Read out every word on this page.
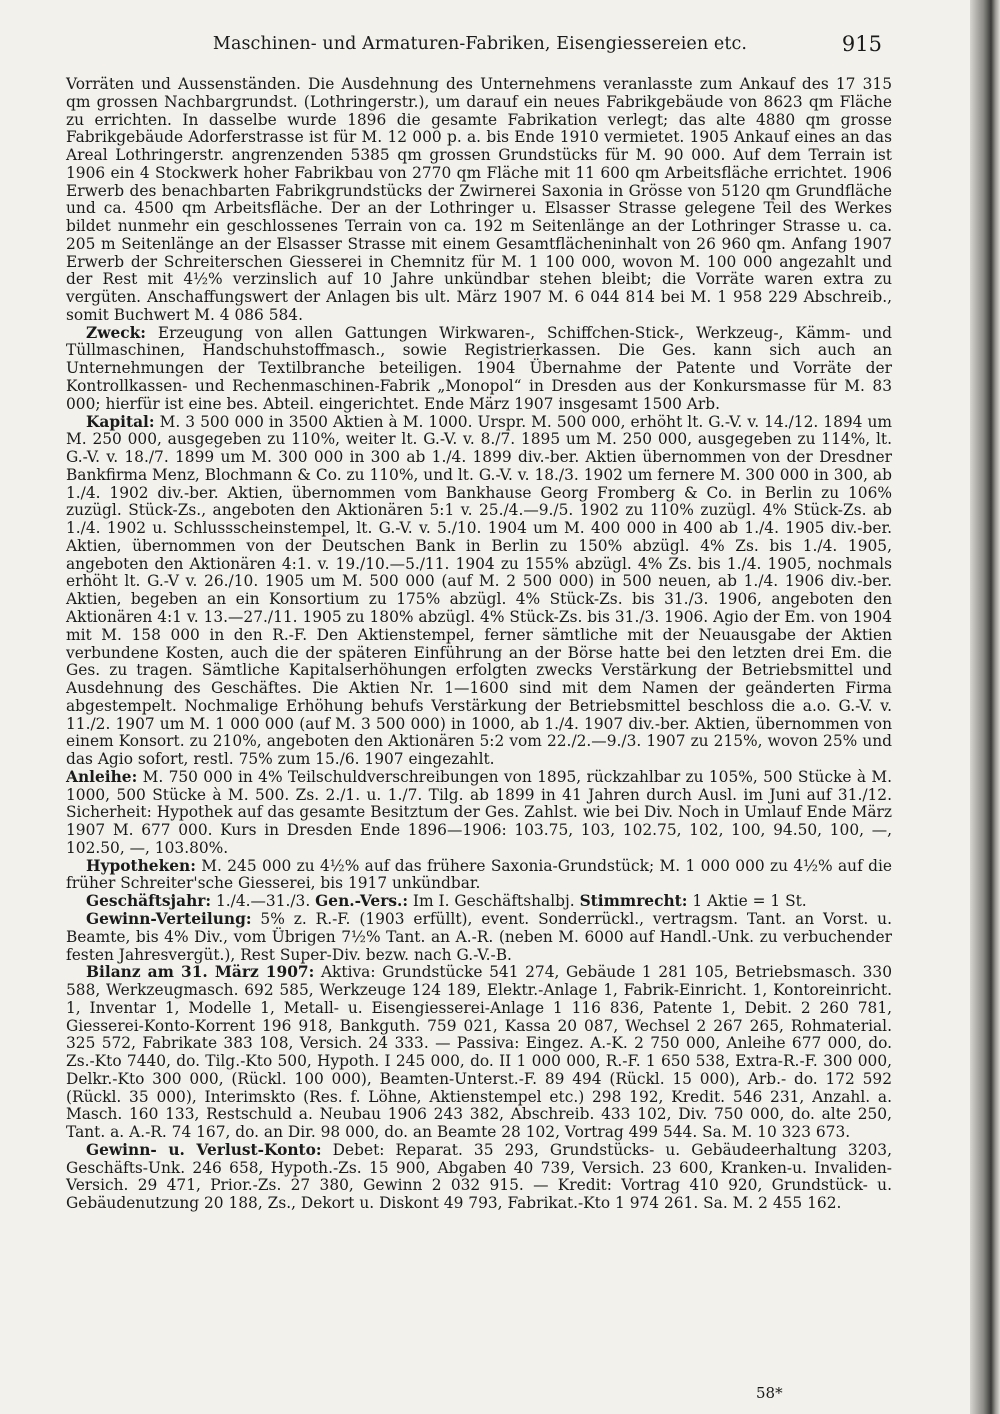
Maschinen- und Armaturen-Fabriken, Eisengiessereien etc.	915

Vorräten und Aussenständen. Die Ausdehnung des Unternehmens veranlasste zum Ankauf des 17 315 qm grossen Nachbargrundst. (Lothringerstr.), um darauf ein neues Fabrikgebäude von 8623 qm Fläche zu errichten. In dasselbe wurde 1896 die gesamte Fabrikation verlegt; das alte 4880 qm grosse Fabrikgebäude Adorferstrasse ist für M. 12 000 p. a. bis Ende 1910 vermietet. 1905 Ankauf eines an das Areal Lothringerstr. angrenzenden 5385 qm grossen Grundstücks für M. 90 000. Auf dem Terrain ist 1906 ein 4 Stockwerk hoher Fabrikbau von 2770 qm Fläche mit 11 600 qm Arbeitsfläche errichtet. 1906 Erwerb des benachbarten Fabrikgrundstücks der Zwirnerei Saxonia in Grösse von 5120 qm Grundfläche und ca. 4500 qm Arbeitsfläche. Der an der Lothringer u. Elsasser Strasse gelegene Teil des Werkes bildet nunmehr ein geschlossenes Terrain von ca. 192 m Seitenlänge an der Lothringer Strasse u. ca. 205 m Seitenlänge an der Elsasser Strasse mit einem Gesamtflächeninhalt von 26 960 qm. Anfang 1907 Erwerb der Schreiterschen Giesserei in Chemnitz für M. 1 100 000, wovon M. 100 000 angezahlt und der Rest mit 4½% verzinslich auf 10 Jahre unkündbar stehen bleibt; die Vorräte waren extra zu vergüten. Anschaffungswert der Anlagen bis ult. März 1907 M. 6 044 814 bei M. 1 958 229 Abschreib., somit Buchwert M. 4 086 584.

Zweck: Erzeugung von allen Gattungen Wirkwaren-, Schiffchen-Stick-, Werkzeug-, Kämm- und Tüllmaschinen, Handschuhstoffmasch., sowie Registrierkassen. Die Ges. kann sich auch an Unternehmungen der Textilbranche beteiligen. 1904 Übernahme der Patente und Vorräte der Kontrollkassen- und Rechenmaschinen-Fabrik „Monopol“ in Dresden aus der Konkursmasse für M. 83 000; hierfür ist eine bes. Abteil. eingerichtet. Ende März 1907 insgesamt 1500 Arb.

Kapital: M. 3 500 000 in 3500 Aktien à M. 1000. Urspr. M. 500 000, erhöht lt. G.-V. v. 14./12. 1894 um M. 250 000, ausgegeben zu 110%, weiter lt. G.-V. v. 8./7. 1895 um M. 250 000, ausgegeben zu 114%, lt. G.-V. v. 18./7. 1899 um M. 300 000 in 300 ab 1./4. 1899 div.-ber. Aktien übernommen von der Dresdner Bankfirma Menz, Blochmann & Co. zu 110%, und lt. G.-V. v. 18./3. 1902 um fernere M. 300 000 in 300, ab 1./4. 1902 div.-ber. Aktien, übernommen vom Bankhause Georg Fromberg & Co. in Berlin zu 106% zuzügl. Stück-Zs., angeboten den Aktionären 5:1 v. 25./4.—9./5. 1902 zu 110% zuzügl. 4% Stück-Zs. ab 1./4. 1902 u. Schlussscheinstempel, lt. G.-V. v. 5./10. 1904 um M. 400 000 in 400 ab 1./4. 1905 div.-ber. Aktien, übernommen von der Deutschen Bank in Berlin zu 150% abzügl. 4% Zs. bis 1./4. 1905, angeboten den Aktionären 4:1. v. 19./10.—5./11. 1904 zu 155% abzügl. 4% Zs. bis 1./4. 1905, nochmals erhöht lt. G.-V v. 26./10. 1905 um M. 500 000 (auf M. 2 500 000) in 500 neuen, ab 1./4. 1906 div.-ber. Aktien, begeben an ein Konsortium zu 175% abzügl. 4% Stück-Zs. bis 31./3. 1906, angeboten den Aktionären 4:1 v. 13.—27./11. 1905 zu 180% abzügl. 4% Stück-Zs. bis 31./3. 1906. Agio der Em. von 1904 mit M. 158 000 in den R.-F. Den Aktienstempel, ferner sämtliche mit der Neuausgabe der Aktien verbundene Kosten, auch die der späteren Einführung an der Börse hatte bei den letzten drei Em. die Ges. zu tragen. Sämtliche Kapitalserhöhungen erfolgten zwecks Verstärkung der Betriebsmittel und Ausdehnung des Geschäftes. Die Aktien Nr. 1—1600 sind mit dem Namen der geänderten Firma abgestempelt. Nochmalige Erhöhung behufs Verstärkung der Betriebsmittel beschloss die a.o. G.-V. v. 11./2. 1907 um M. 1 000 000 (auf M. 3 500 000) in 1000, ab 1./4. 1907 div.-ber. Aktien, übernommen von einem Konsort. zu 210%, angeboten den Aktionären 5:2 vom 22./2.—9./3. 1907 zu 215%, wovon 25% und das Agio sofort, restl. 75% zum 15./6. 1907 eingezahlt.

Anleihe: M. 750 000 in 4% Teilschuldverschreibungen von 1895, rückzahlbar zu 105%, 500 Stücke à M. 1000, 500 Stücke à M. 500. Zs. 2./1. u. 1./7. Tilg. ab 1899 in 41 Jahren durch Ausl. im Juni auf 31./12. Sicherheit: Hypothek auf das gesamte Besitztum der Ges. Zahlst. wie bei Div. Noch in Umlauf Ende März 1907 M. 677 000. Kurs in Dresden Ende 1896—1906: 103.75, 103, 102.75, 102, 100, 94.50, 100, —, 102.50, —, 103.80%.

Hypotheken: M. 245 000 zu 4½% auf das frühere Saxonia-Grundstück; M. 1 000 000 zu 4½% auf die früher Schreiter'sche Giesserei, bis 1917 unkündbar.

Geschäftsjahr: 1./4.—31./3. Gen.-Vers.: Im I. Geschäftshalbj. Stimmrecht: 1 Aktie = 1 St.

Gewinn-Verteilung: 5% z. R.-F. (1903 erfüllt), event. Sonderrückl., vertragsm. Tant. an Vorst. u. Beamte, bis 4% Div., vom Übrigen 7½% Tant. an A.-R. (neben M. 6000 auf Handl.-Unk. zu verbuchender festen Jahresvergüt.), Rest Super-Div. bezw. nach G.-V.-B.

Bilanz am 31. März 1907: Aktiva: Grundstücke 541 274, Gebäude 1 281 105, Betriebsmasch. 330 588, Werkzeugmasch. 692 585, Werkzeuge 124 189, Elektr.-Anlage 1, Fabrik-Einricht. 1, Kontoreinricht. 1, Inventar 1, Modelle 1, Metall- u. Eisengiesserei-Anlage 1 116 836, Patente 1, Debit. 2 260 781, Giesserei-Konto-Korrent 196 918, Bankguth. 759 021, Kassa 20 087, Wechsel 2 267 265, Rohmaterial. 325 572, Fabrikate 383 108, Versich. 24 333. — Passiva: Eingez. A.-K. 2 750 000, Anleihe 677 000, do. Zs.-Kto 7440, do. Tilg.-Kto 500, Hypoth. I 245 000, do. II 1 000 000, R.-F. 1 650 538, Extra-R.-F. 300 000, Delkr.-Kto 300 000, (Rückl. 100 000), Beamten-Unterst.-F. 89 494 (Rückl. 15 000), Arb.- do. 172 592 (Rückl. 35 000), Interimskto (Res. f. Löhne, Aktienstempel etc.) 298 192, Kredit. 546 231, Anzahl. a. Masch. 160 133, Restschuld a. Neubau 1906 243 382, Abschreib. 433 102, Div. 750 000, do. alte 250, Tant. a. A.-R. 74 167, do. an Dir. 98 000, do. an Beamte 28 102, Vortrag 499 544. Sa. M. 10 323 673.

Gewinn- u. Verlust-Konto: Debet: Reparat. 35 293, Grundstücks- u. Gebäudeerhaltung 3203, Geschäfts-Unk. 246 658, Hypoth.-Zs. 15 900, Abgaben 40 739, Versich. 23 600, Kranken-u. Invaliden-Versich. 29 471, Prior.-Zs. 27 380, Gewinn 2 032 915. — Kredit: Vortrag 410 920, Grundstück- u. Gebäudenutzung 20 188, Zs., Dekort u. Diskont 49 793, Fabrikat.-Kto 1 974 261. Sa. M. 2 455 162.

58*
